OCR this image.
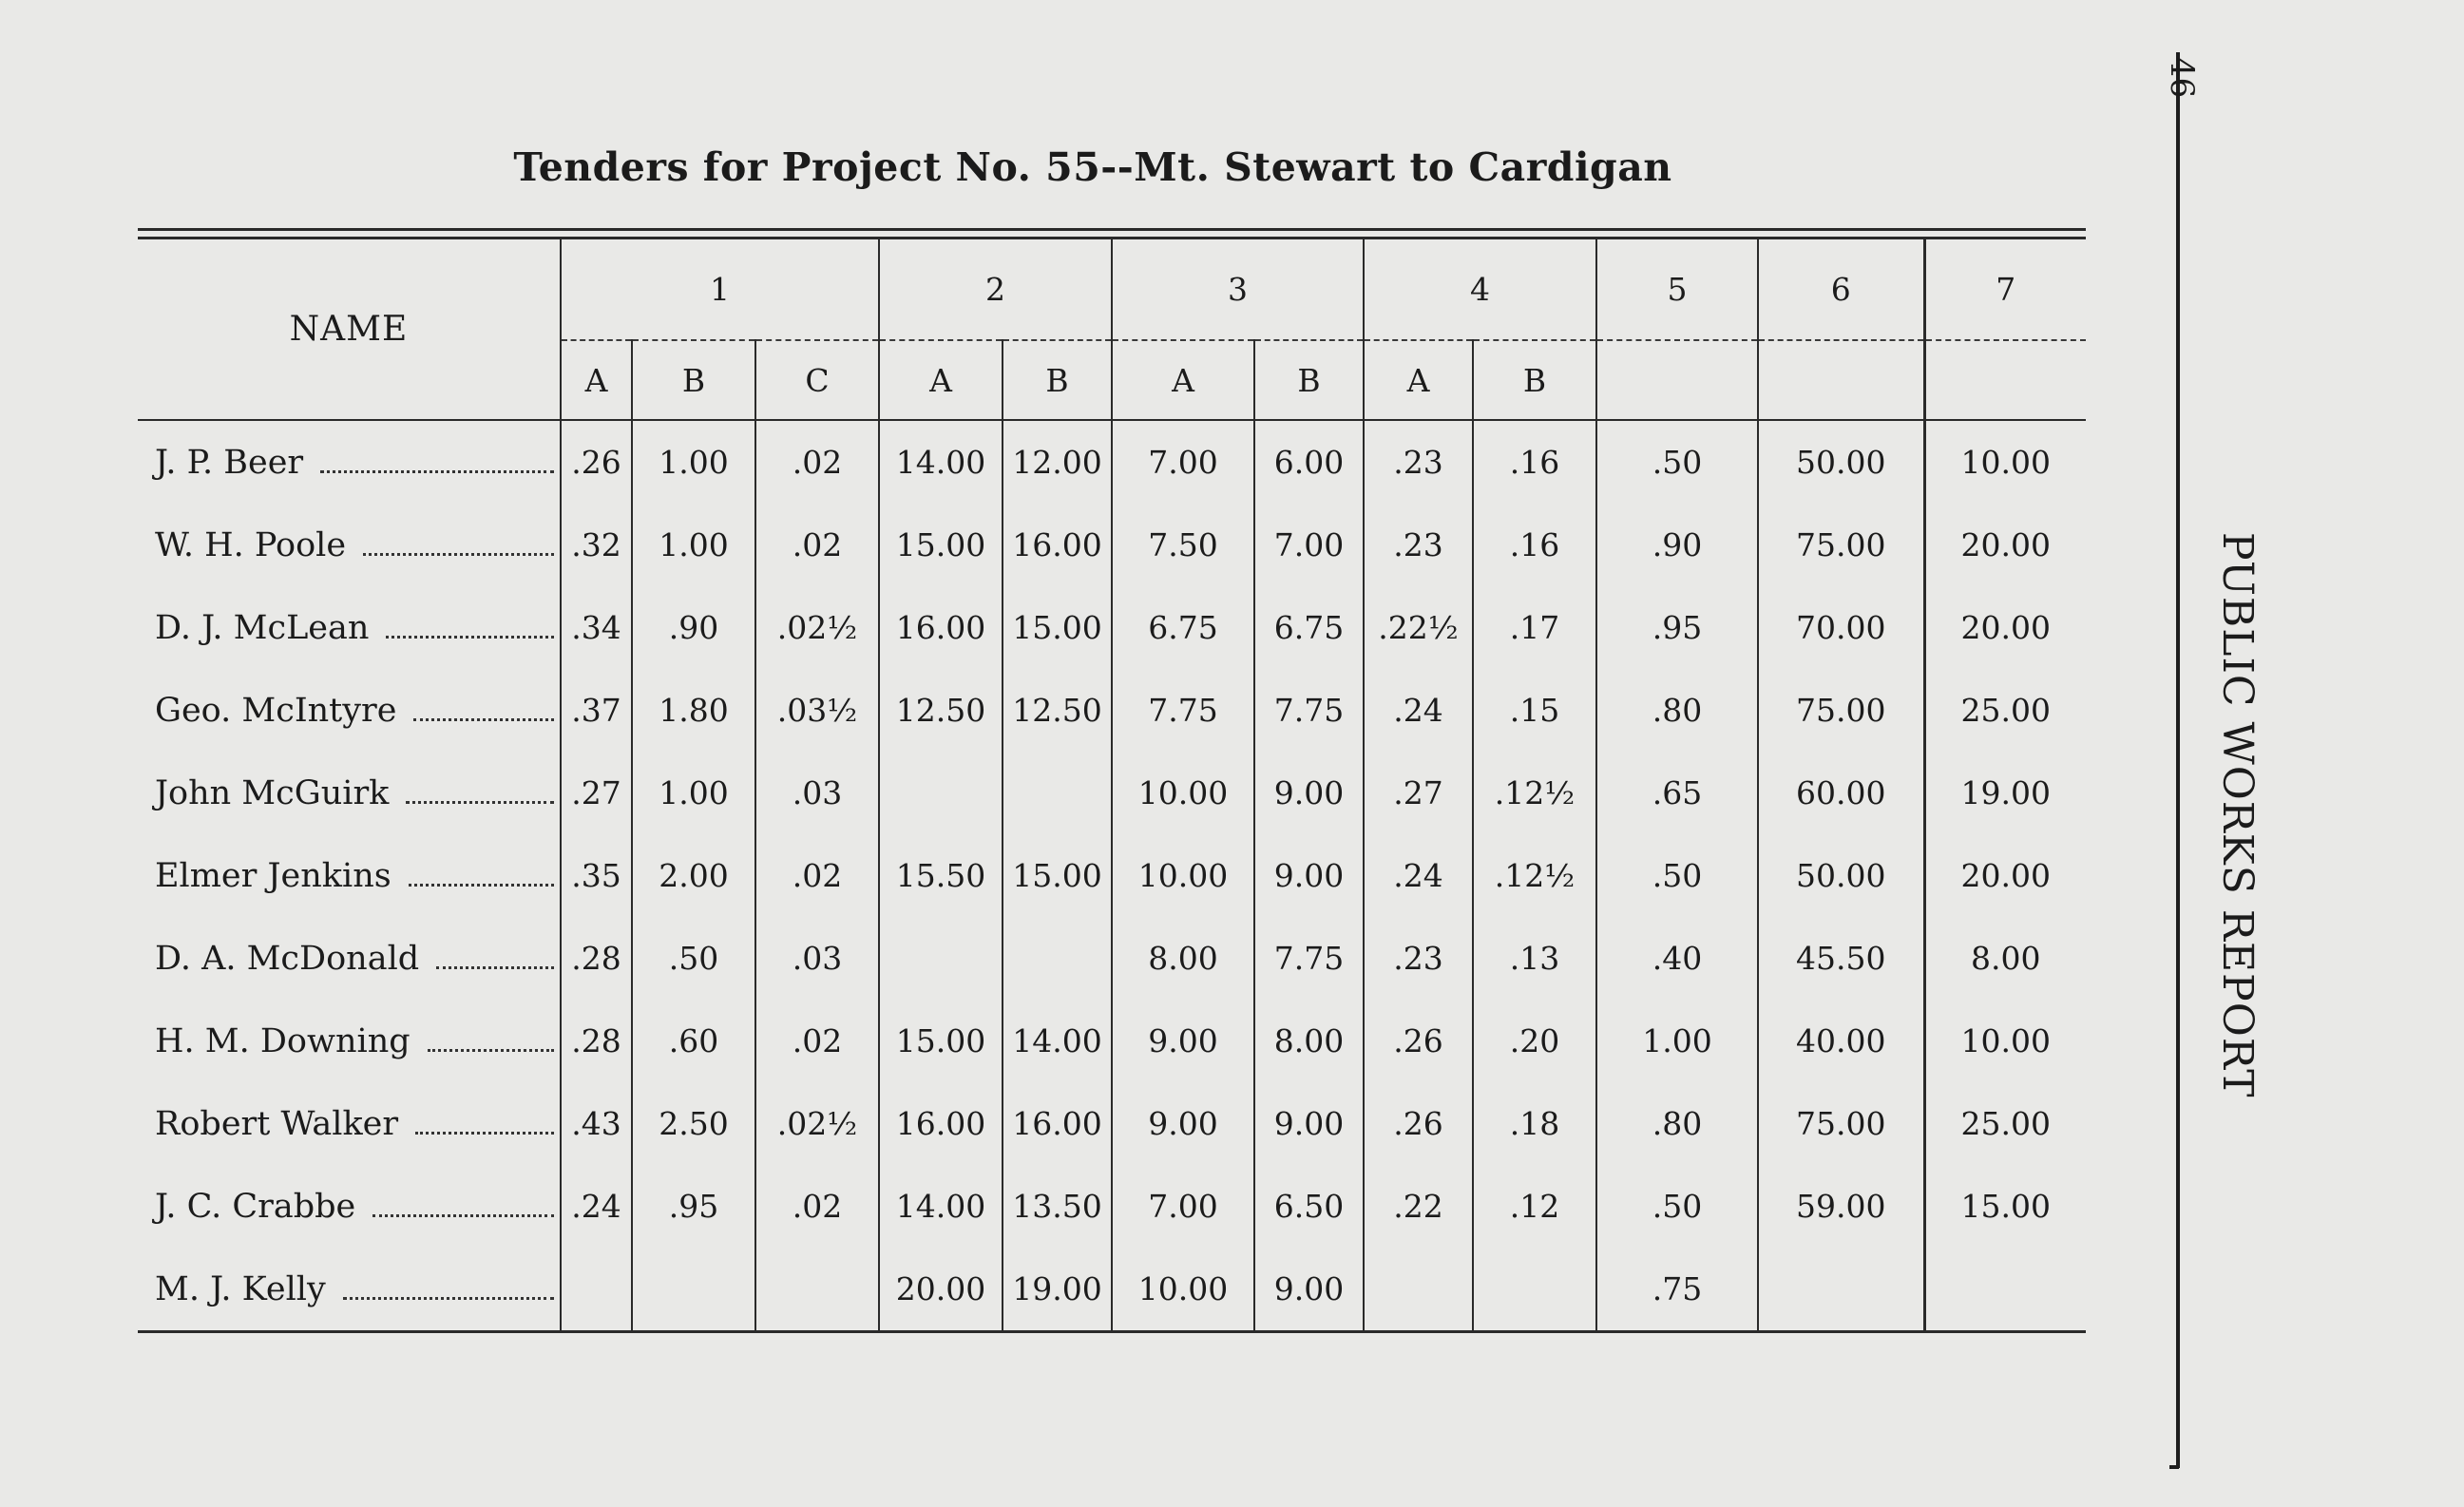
Tenders for Project No. 55--Mt. Stewart to Cardigan
NAME	1			2		3		4		5	6	7
	A	B	C	A	B	A	B	A	B			

J. P. Beer	.26	1.00	.02	14.00	12.00	7.00	6.00	.23	.16	.50	50.00	10.00
W. H. Poole	.32	1.00	.02	15.00	16.00	7.50	7.00	.23	.16	.90	75.00	20.00
D. J. McLean	.34	.90	.02½	16.00	15.00	6.75	6.75	.22½	.17	.95	70.00	20.00
Geo. McIntyre	.37	1.80	.03½	12.50	12.50	7.75	7.75	.24	.15	.80	75.00	25.00
John McGuirk	.27	1.00	.03			10.00	9.00	.27	.12½	.65	60.00	19.00
Elmer Jenkins	.35	2.00	.02	15.50	15.00	10.00	9.00	.24	.12½	.50	50.00	20.00
D. A. McDonald	.28	.50	.03			8.00	7.75	.23	.13	.40	45.50	8.00
H. M. Downing	.28	.60	.02	15.00	14.00	9.00	8.00	.26	.20	1.00	40.00	10.00
Robert Walker	.43	2.50	.02½	16.00	16.00	9.00	9.00	.26	.18	.80	75.00	25.00
J. C. Crabbe	.24	.95	.02	14.00	13.50	7.00	6.50	.22	.12	.50	59.00	15.00
M. J. Kelly				20.00	19.00	10.00	9.00			.75		
46
PUBLIC WORKS REPORT
